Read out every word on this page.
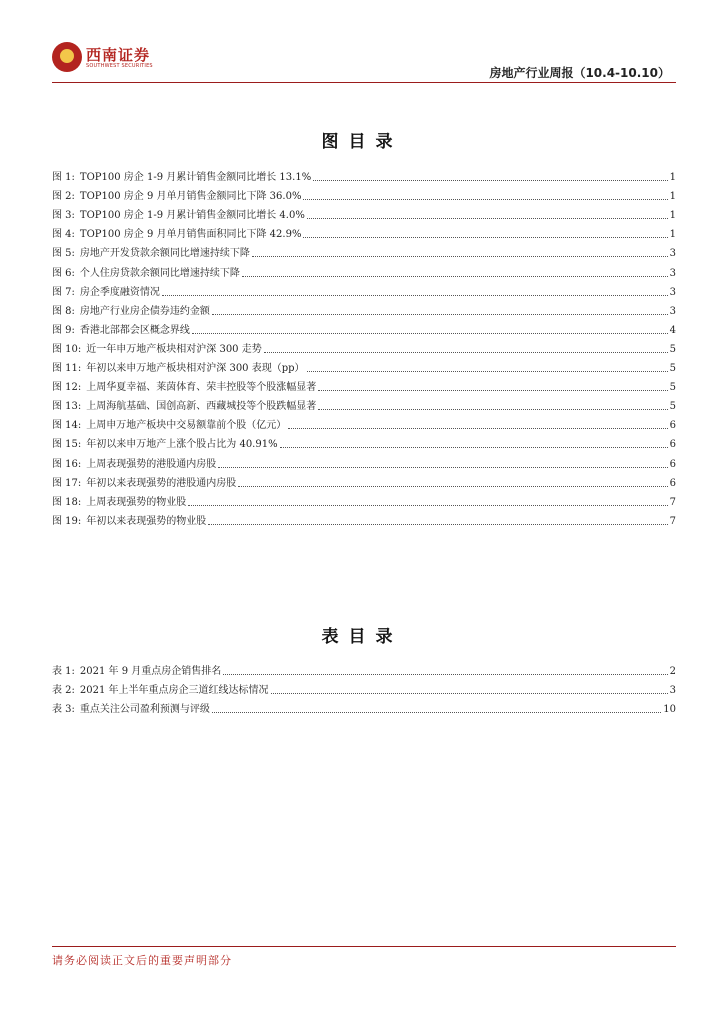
西南证券
SOUTHWEST SECURITIES	房地产行业周报（10.4-10.10）
图目录
图 1: TOP100 房企 1-9 月累计销售金额同比增长 13.1%	1
图 2: TOP100 房企 9 月单月销售金额同比下降 36.0%	1
图 3: TOP100 房企 1-9 月累计销售金额同比增长 4.0%	1
图 4: TOP100 房企 9 月单月销售面积同比下降 42.9%	1
图 5: 房地产开发贷款余额同比增速持续下降	3
图 6: 个人住房贷款余额同比增速持续下降	3
图 7: 房企季度融资情况	3
图 8: 房地产行业房企债券违约金额	3
图 9: 香港北部都会区概念界线	4
图 10: 近一年申万地产板块相对沪深 300 走势	5
图 11: 年初以来申万地产板块相对沪深 300 表现（pp）	5
图 12: 上周华夏幸福、莱茵体育、荣丰控股等个股涨幅显著	5
图 13: 上周海航基础、国创高新、西藏城投等个股跌幅显著	5
图 14: 上周申万地产板块中交易额靠前个股（亿元）	6
图 15: 年初以来申万地产上涨个股占比为 40.91%	6
图 16: 上周表现强势的港股通内房股	6
图 17: 年初以来表现强势的港股通内房股	6
图 18: 上周表现强势的物业股	7
图 19: 年初以来表现强势的物业股	7
表目录
表 1: 2021 年 9 月重点房企销售排名	2
表 2: 2021 年上半年重点房企三道红线达标情况	3
表 3: 重点关注公司盈利预测与评级	10
请务必阅读正文后的重要声明部分
